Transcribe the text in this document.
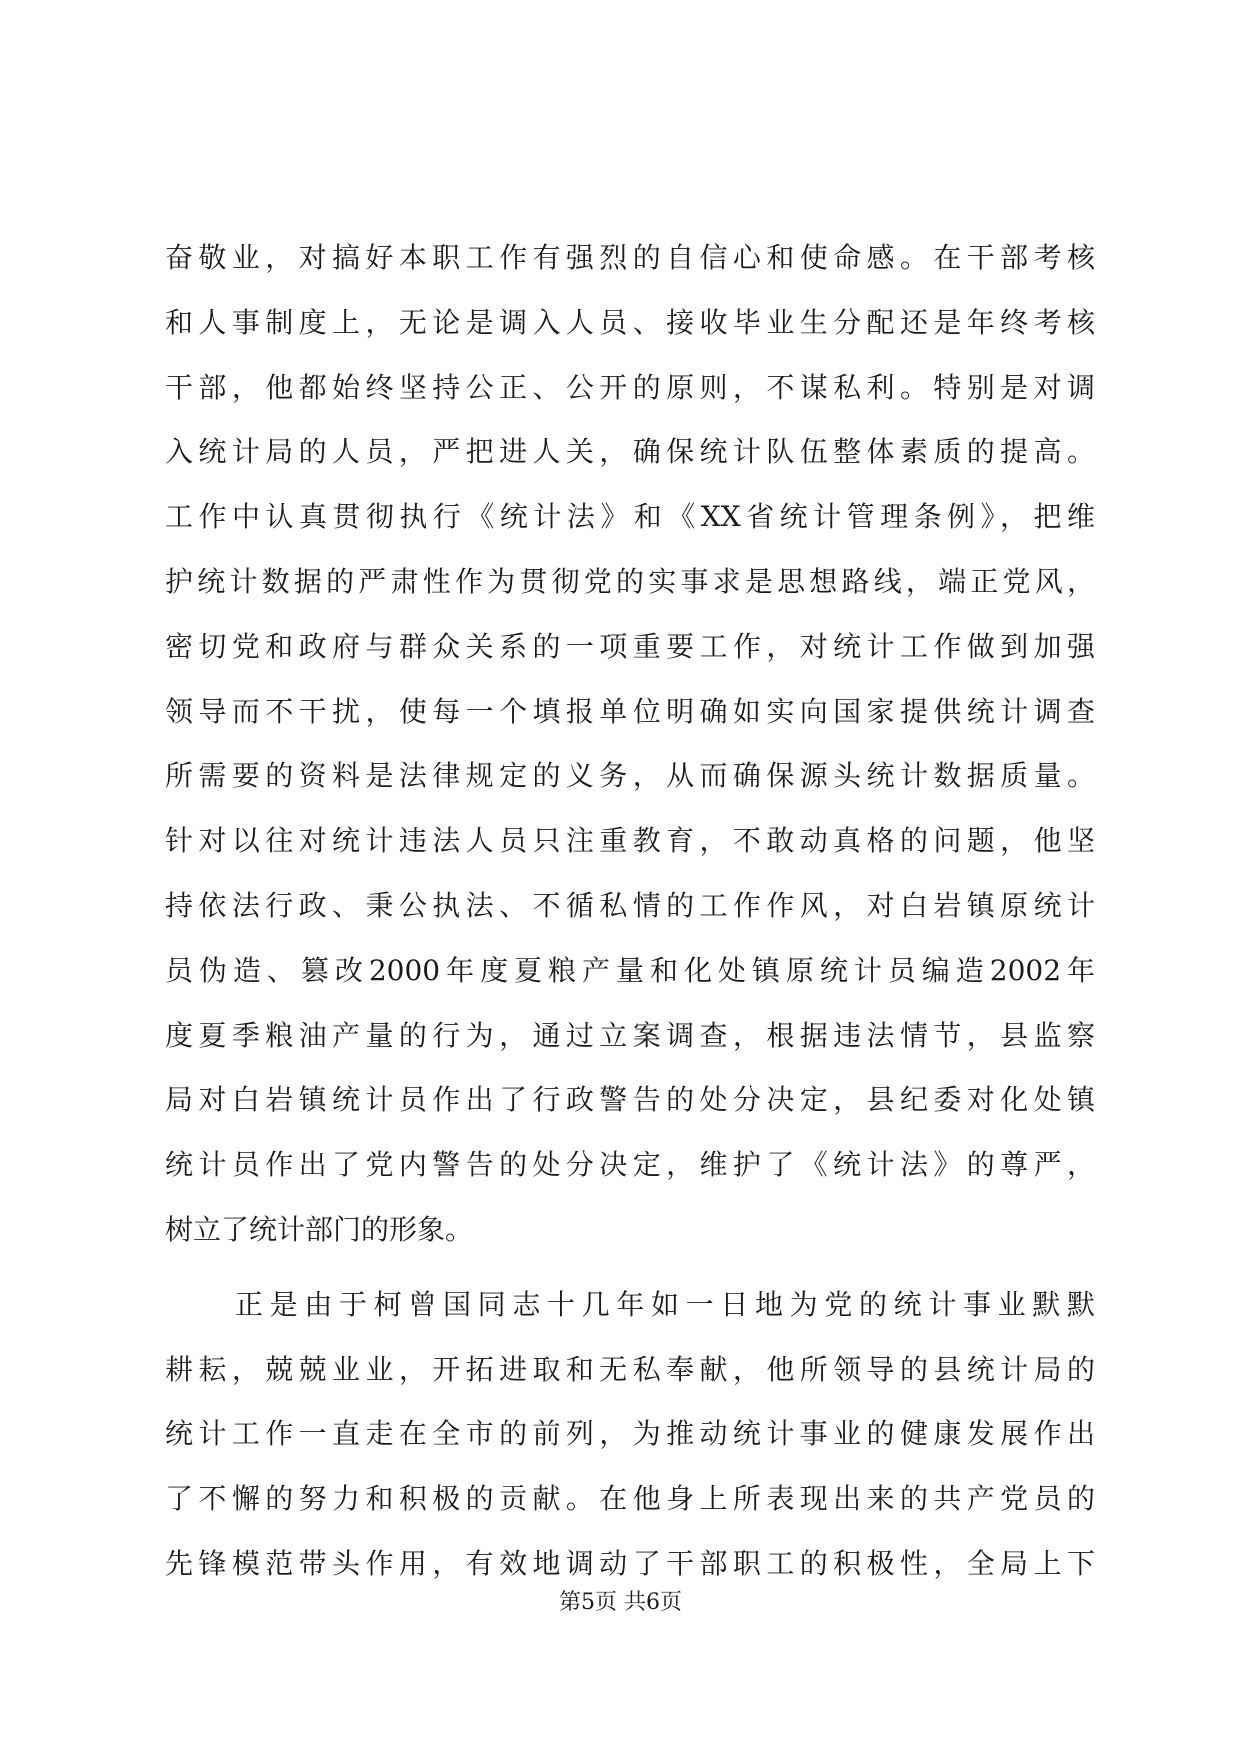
奋敬业，对搞好本职工作有强烈的自信心和使命感。在干部考核
和人事制度上，无论是调入人员、接收毕业生分配还是年终考核
干部，他都始终坚持公正、公开的原则，不谋私利。特别是对调
入统计局的人员，严把进人关，确保统计队伍整体素质的提高。
工作中认真贯彻执行《统计法》和《XX省统计管理条例》，把维
护统计数据的严肃性作为贯彻党的实事求是思想路线，端正党风，
密切党和政府与群众关系的一项重要工作，对统计工作做到加强
领导而不干扰，使每一个填报单位明确如实向国家提供统计调查
所需要的资料是法律规定的义务，从而确保源头统计数据质量。
针对以往对统计违法人员只注重教育，不敢动真格的问题，他坚
持依法行政、秉公执法、不循私情的工作作风，对白岩镇原统计
员伪造、篡改2000年度夏粮产量和化处镇原统计员编造2002年
度夏季粮油产量的行为，通过立案调查，根据违法情节，县监察
局对白岩镇统计员作出了行政警告的处分决定，县纪委对化处镇
统计员作出了党内警告的处分决定，维护了《统计法》的尊严，
树立了统计部门的形象。
正是由于柯曾国同志十几年如一日地为党的统计事业默默
耕耘，兢兢业业，开拓进取和无私奉献，他所领导的县统计局的
统计工作一直走在全市的前列，为推动统计事业的健康发展作出
了不懈的努力和积极的贡献。在他身上所表现出来的共产党员的
先锋模范带头作用，有效地调动了干部职工的积极性，全局上下
第5页 共6页
